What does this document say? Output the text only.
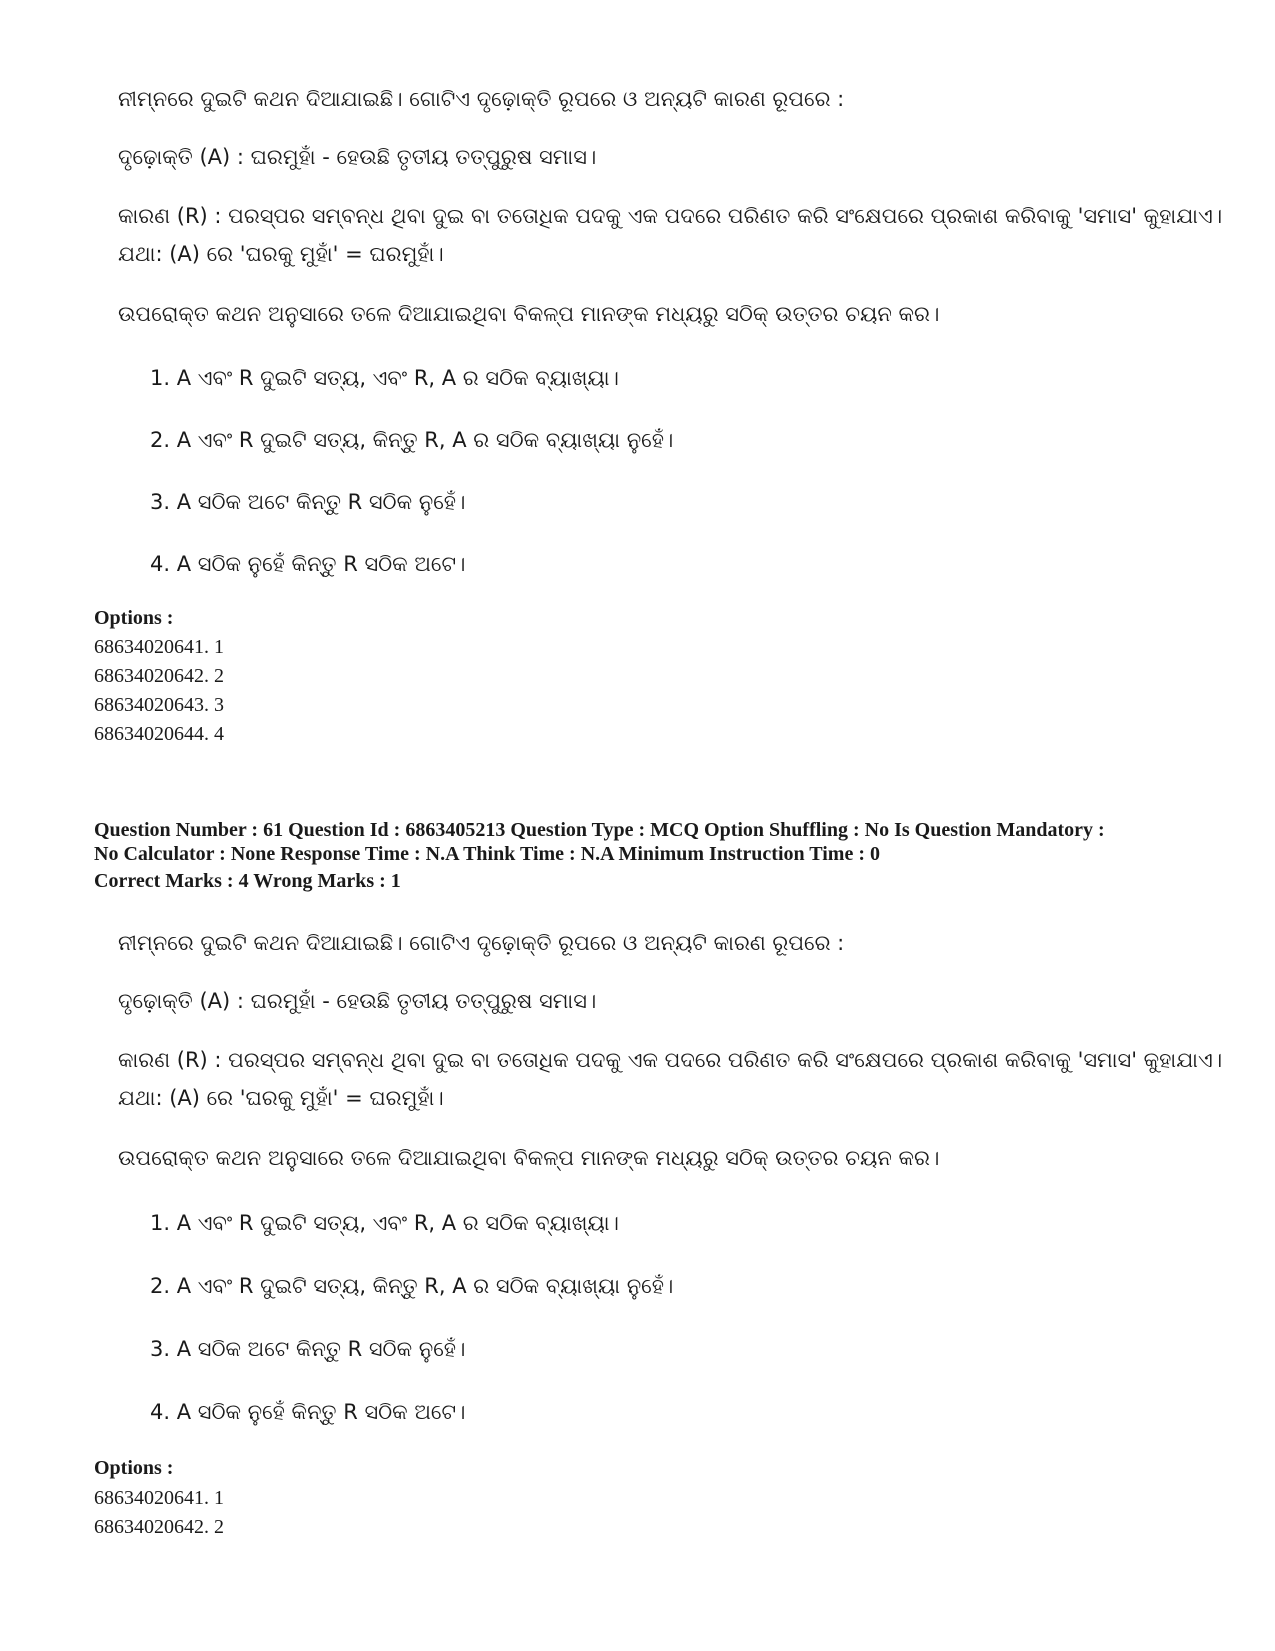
ନୀମ୍ନରେ ଦୁଇଟି କଥନ ଦିଆଯାଇଛି। ଗୋଟିଏ ଦୃଢ଼ୋକ୍ତି ରୂପରେ ଓ ଅନ୍ୟଟି କାରଣ ରୂପରେ :

ଦୃଢ଼ୋକ୍ତି (A) : ଘରମୁହାଁ - ହେଉଛି ତୃତୀୟ ତତ୍ପୁରୁଷ ସମାସ।

କାରଣ (R) : ପରସ୍ପର ସମ୍ବନ୍ଧ ଥିବା ଦୁଇ ବା ତତୋଧିକ ପଦକୁ ଏକ ପଦରେ ପରିଣତ କରି ସଂକ୍ଷେପରେ ପ୍ରକାଶ କରିବାକୁ 'ସମାସ' କୁହାଯାଏ।

ଯଥା: (A) ରେ 'ଘରକୁ ମୁହାଁ' = ଘରମୁହାଁ।

ଉପରୋକ୍ତ କଥନ ଅନୁସାରେ ତଳେ ଦିଆଯାଇଥିବା ବିକଳ୍ପ ମାନଙ୍କ ମଧ୍ୟରୁ ସଠିକ୍ ଉତ୍ତର ଚୟନ କର।

1. A ଏବଂ R ଦୁଇଟି ସତ୍ୟ, ଏବଂ R, A ର ସଠିକ ବ୍ୟାଖ୍ୟା।

2. A ଏବଂ R ଦୁଇଟି ସତ୍ୟ, କିନ୍ତୁ R, A ର ସଠିକ ବ୍ୟାଖ୍ୟା ନୁହେଁ।

3. A ସଠିକ ଅଟେ କିନ୍ତୁ R ସଠିକ ନୁହେଁ।

4. A ସଠିକ ନୁହେଁ କିନ୍ତୁ R ସଠିକ ଅଟେ।

Options :

68634020641. 1

68634020642. 2

68634020643. 3

68634020644. 4

Question Number : 61 Question Id : 6863405213 Question Type : MCQ Option Shuffling : No Is Question Mandatory :

No Calculator : None Response Time : N.A Think Time : N.A Minimum Instruction Time : 0

Correct Marks : 4 Wrong Marks : 1

ନୀମ୍ନରେ ଦୁଇଟି କଥନ ଦିଆଯାଇଛି। ଗୋଟିଏ ଦୃଢ଼ୋକ୍ତି ରୂପରେ ଓ ଅନ୍ୟଟି କାରଣ ରୂପରେ :

ଦୃଢ଼ୋକ୍ତି (A) : ଘରମୁହାଁ - ହେଉଛି ତୃତୀୟ ତତ୍ପୁରୁଷ ସମାସ।

କାରଣ (R) : ପରସ୍ପର ସମ୍ବନ୍ଧ ଥିବା ଦୁଇ ବା ତତୋଧିକ ପଦକୁ ଏକ ପଦରେ ପରିଣତ କରି ସଂକ୍ଷେପରେ ପ୍ରକାଶ କରିବାକୁ 'ସମାସ' କୁହାଯାଏ।

ଯଥା: (A) ରେ 'ଘରକୁ ମୁହାଁ' = ଘରମୁହାଁ।

ଉପରୋକ୍ତ କଥନ ଅନୁସାରେ ତଳେ ଦିଆଯାଇଥିବା ବିକଳ୍ପ ମାନଙ୍କ ମଧ୍ୟରୁ ସଠିକ୍ ଉତ୍ତର ଚୟନ କର।

1. A ଏବଂ R ଦୁଇଟି ସତ୍ୟ, ଏବଂ R, A ର ସଠିକ ବ୍ୟାଖ୍ୟା।

2. A ଏବଂ R ଦୁଇଟି ସତ୍ୟ, କିନ୍ତୁ R, A ର ସଠିକ ବ୍ୟାଖ୍ୟା ନୁହେଁ।

3. A ସଠିକ ଅଟେ କିନ୍ତୁ R ସଠିକ ନୁହେଁ।

4. A ସଠିକ ନୁହେଁ କିନ୍ତୁ R ସଠିକ ଅଟେ।

Options :

68634020641. 1

68634020642. 2
